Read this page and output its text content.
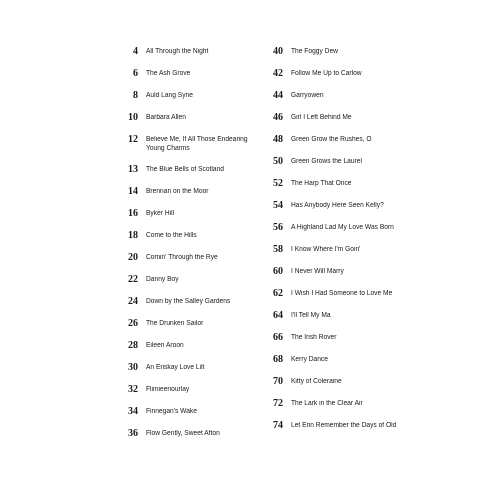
4 All Through the Night
6 The Ash Grove
8 Auld Lang Syne
10 Barbara Allen
12 Believe Me, If All Those Endearing
Young Charms
13 The Blue Bells of Scotland
14 Brennan on the Moor
16 Byker Hill
18 Come to the Hills
20 Comin' Through the Rye
22 Danny Boy
24 Down by the Salley Gardens
26 The Drunken Sailor
28 Eileen Aroon
30 An Eriskay Love Lilt
32 Flimieeriourlay
34 Finnegan's Wake
36 Flow Gently, Sweet Afton
40 The Foggy Dew
42 Follow Me Up to Carlow
44 Garryowen
46 Girl I Left Behind Me
48 Green Grow the Rushes, O
50 Green Grows the Laurel
52 The Harp That Once
54 Has Anybody Here Seen Kelly?
56 A Highland Lad My Love Was Born
58 I Know Where I'm Goin'
60 I Never Will Marry
62 I Wish I Had Someone to Love Me
64 I'll Tell My Ma
66 The Irish Rover
68 Kerry Dance
70 Kitty of Coleraine
72 The Lark in the Clear Air
74 Let Erin Remember the Days of Old
